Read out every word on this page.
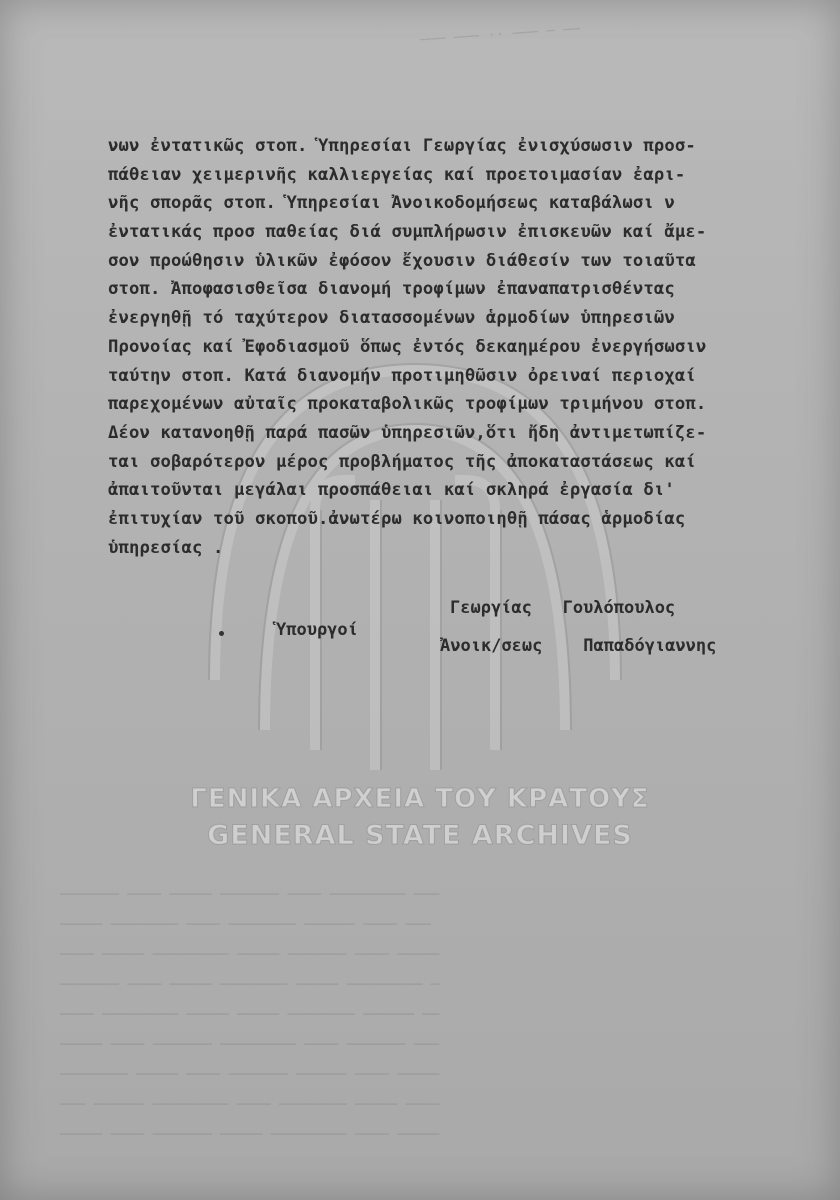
─── ─── ·· ─── ─ ──
─────── ──── ───── ─────── ──── ───────── ───
───── ──────── ──── ──────── ────── ──── ───
──── ───── ───────── ───── ─────── ──── ─────
─────── ──── ───── ──────── ───── ───────── ─
──── ───────── ───── ───── ──────── ────── ──
───── ──── ─────── ───────── ──── ─────── ───
──────── ───── ──── ─────── ────── ──── ─────
─── ────── ───────── ──── ──────── ───── ────
───── ──── ─────── ───── ───────── ──── ─────
ΓΕΝΙΚΑ ΑΡΧΕΙΑ ΤΟΥ ΚΡΑΤΟΥΣ
GENERAL STATE ARCHIVES
νων ἐντατικῶς στοπ. Ὑπηρεσίαι Γεωργίας ἐνισχύσωσιν προσ-
πάθειαν χειμερινῆς καλλιεργείας καί προετοιμασίαν ἐαρι-
νῆς σπορᾶς στοπ. Ὑπηρεσίαι Ἀνοικοδομήσεως καταβάλωσι ν
ἐντατικάς προσ παθείας διά συμπλήρωσιν ἐπισκευῶν καί ἄμε-
σον προώθησιν ὑλικῶν ἐφόσον ἔχουσιν διάθεσίν των τοιαῦτα
στοπ. Ἀποφασισθεῖσα διανομή τροφίμων ἐπαναπατρισθέντας
ἐνεργηθῇ τό ταχύτερον διατασσομένων ἁρμοδίων ὑπηρεσιῶν
Προνοίας καί Ἐφοδιασμοῦ ὅπως ἐντός δεκαημέρου ἐνεργήσωσιν
ταύτην στοπ. Κατά διανομήν προτιμηθῶσιν ὀρειναί περιοχαί
παρεχομένων αὐταῖς προκαταβολικῶς τροφίμων τριμήνου στοπ.
Δέον κατανοηθῇ παρά πασῶν ὑπηρεσιῶν,ὅτι ἤδη ἀντιμετωπίζε-
ται σοβαρότερον μέρος προβλήματος τῆς ἀποκαταστάσεως καί
ἀπαιτοῦνται μεγάλαι προσπάθειαι καί σκληρά ἐργασία δι'
ἐπιτυχίαν τοῦ σκοποῦ.ἀνωτέρω κοινοποιηθῇ πάσας ἁρμοδίας
ὑπηρεσίας .
Ὑπουργοί
Γεωργίας   Γουλόπουλος
Ἀνοικ/σεως    Παπαδόγιαννης
